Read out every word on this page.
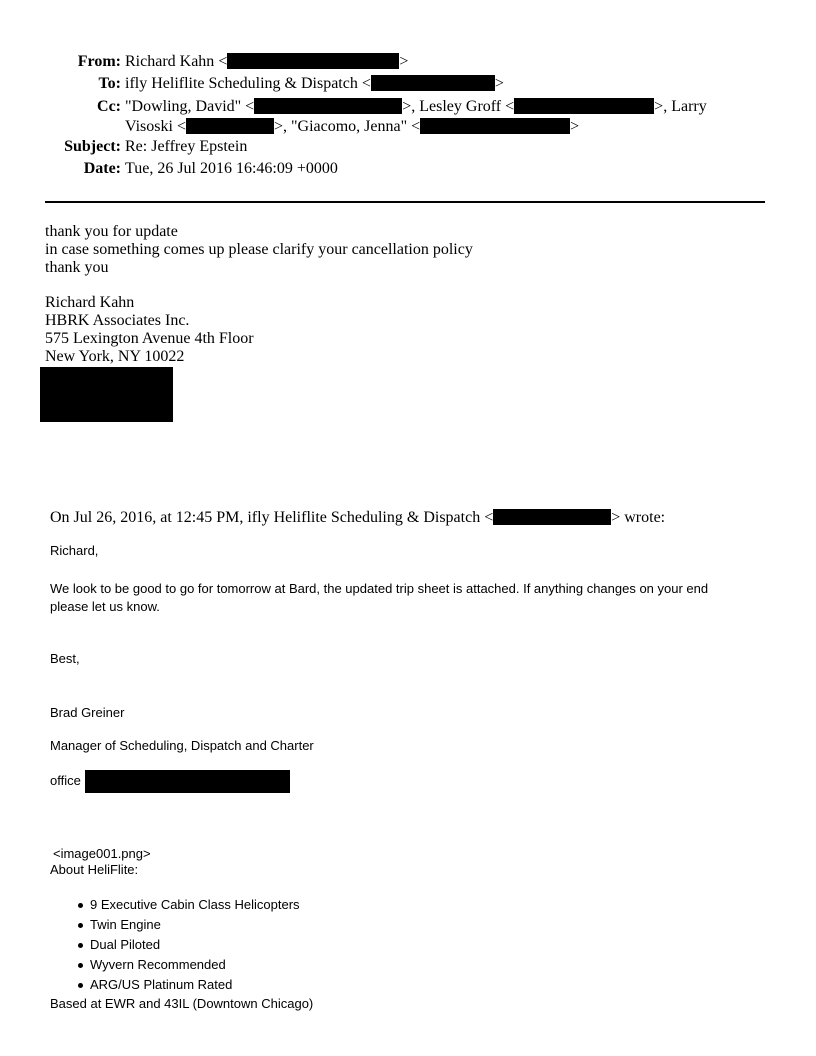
From: Richard Kahn <	>
To: ifly Heliflite Scheduling & Dispatch <	>
Cc: "Dowling, David" <	>, Lesley Groff <	>, Larry
Visoski <	>, "Giacomo, Jenna" <	>
Subject: Re: Jeffrey Epstein
Date: Tue, 26 Jul 2016 16:46:09 +0000
thank you for update
in case something comes up please clarify your cancellation policy
thank you
Richard Kahn
HBRK Associates Inc.
575 Lexington Avenue 4th Floor
New York, NY 10022
On Jul 26, 2016, at 12:45 PM, ifly Heliflite Scheduling & Dispatch <	> wrote:
Richard,
We look to be good to go for tomorrow at Bard, the updated trip sheet is attached. If anything changes on your end
please let us know.
Best,
Brad Greiner
Manager of Scheduling, Dispatch and Charter
office
<image001.png>
About HeliFlite:
9 Executive Cabin Class Helicopters
Twin Engine
Dual Piloted
Wyvern Recommended
ARG/US Platinum Rated
Based at EWR and 43IL (Downtown Chicago)
